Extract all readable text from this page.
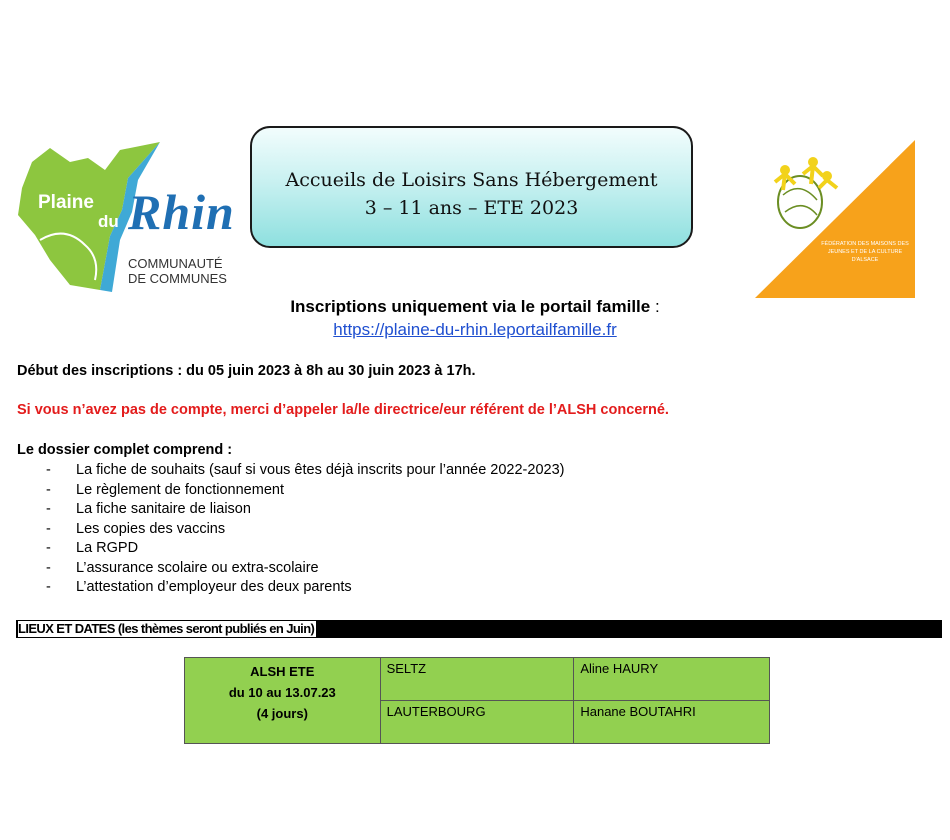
Plaine
du Rhin
COMMUNAUTÉ
DE COMMUNES
Accueils de Loisirs Sans Hébergement
3 – 11 ans – ETE 2023
FÉDÉRATION DES MAISONS DES JEUNES ET DE LA CULTURE D'ALSACE
Inscriptions uniquement via le portail famille :
https://plaine-du-rhin.leportailfamille.fr
Début des inscriptions : du 05 juin 2023 à 8h au 30 juin 2023 à 17h.
Si vous n’avez pas de compte, merci d’appeler la/le directrice/eur référent de l’ALSH concerné.
Le dossier complet comprend :
- La fiche de souhaits (sauf si vous êtes déjà inscrits pour l’année 2022-2023)
- Le règlement de fonctionnement
- La fiche sanitaire de liaison
- Les copies des vaccins
- La RGPD
- L’assurance scolaire ou extra-scolaire
- L’attestation d’employeur des deux parents
LIEUX ET DATES (les thèmes seront publiés en Juin)
ALSH ETE
du 10 au 13.07.23
(4 jours)	SELTZ	Aline HAURY
	LAUTERBOURG	Hanane BOUTAHRI
